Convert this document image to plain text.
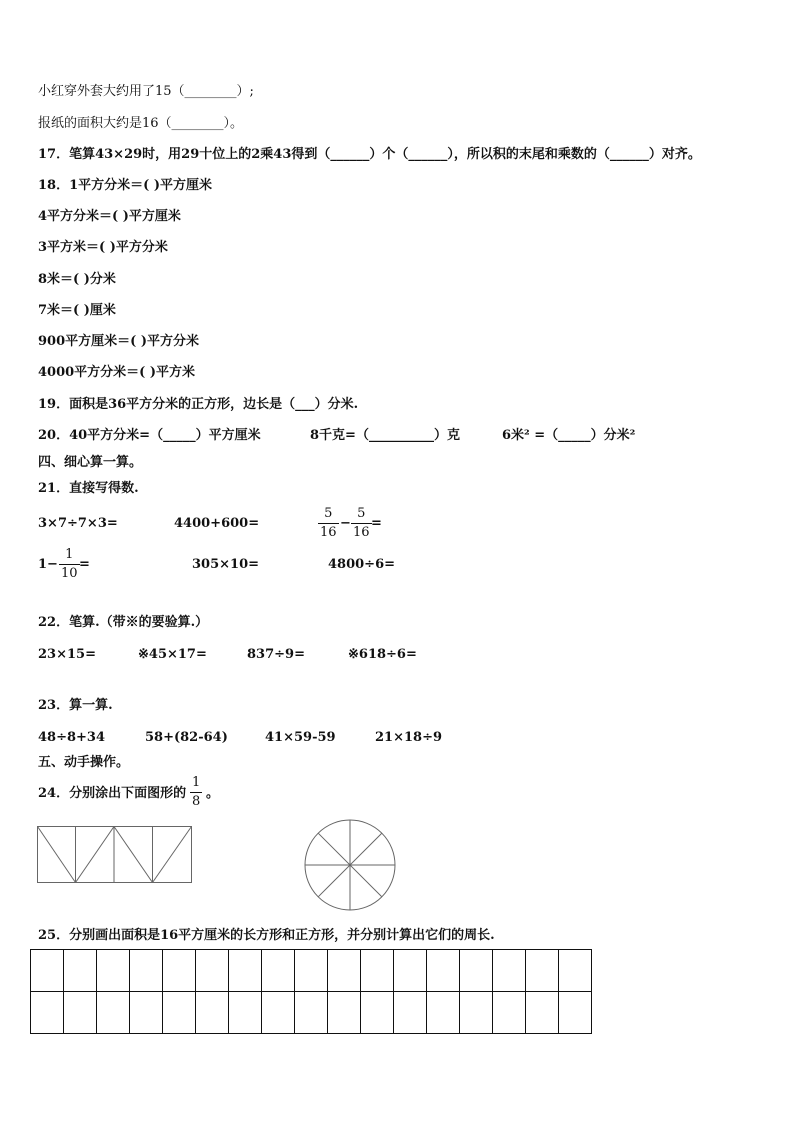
小红穿外套大约用了15（________）;
报纸的面积大约是16（________）。
17．笔算43×29时，用29十位上的2乘43得到（______）个（______），所以积的末尾和乘数的（______）对齐。
18．1平方分米＝( )平方厘米
4平方分米＝( )平方厘米
3平方米＝( )平方分米
8米＝( )分米
7米＝( )厘米
900平方厘米＝( )平方分米
4000平方分米＝( )平方米
19．面积是36平方分米的正方形，边长是（___）分米.
20．40平方分米=（_____）平方厘米	8千克=（__________）克	6米² =（_____）分米²
四、细心算一算。
21．直接写得数.
3×7÷7×3=	4400+600=
5
16
−
5
16
=
1−
1
10
=	305×10=	4800÷6=
22．笔算.（带※的要验算.）
23×15=	※45×17=	837÷9=	※618÷6=
23．算一算.
48÷8+34	58+(82-64)	41×59-59	21×18÷9
五、动手操作。
24．分别涂出下面图形的
1
8
。
25．分别画出面积是16平方厘米的长方形和正方形，并分别计算出它们的周长.
